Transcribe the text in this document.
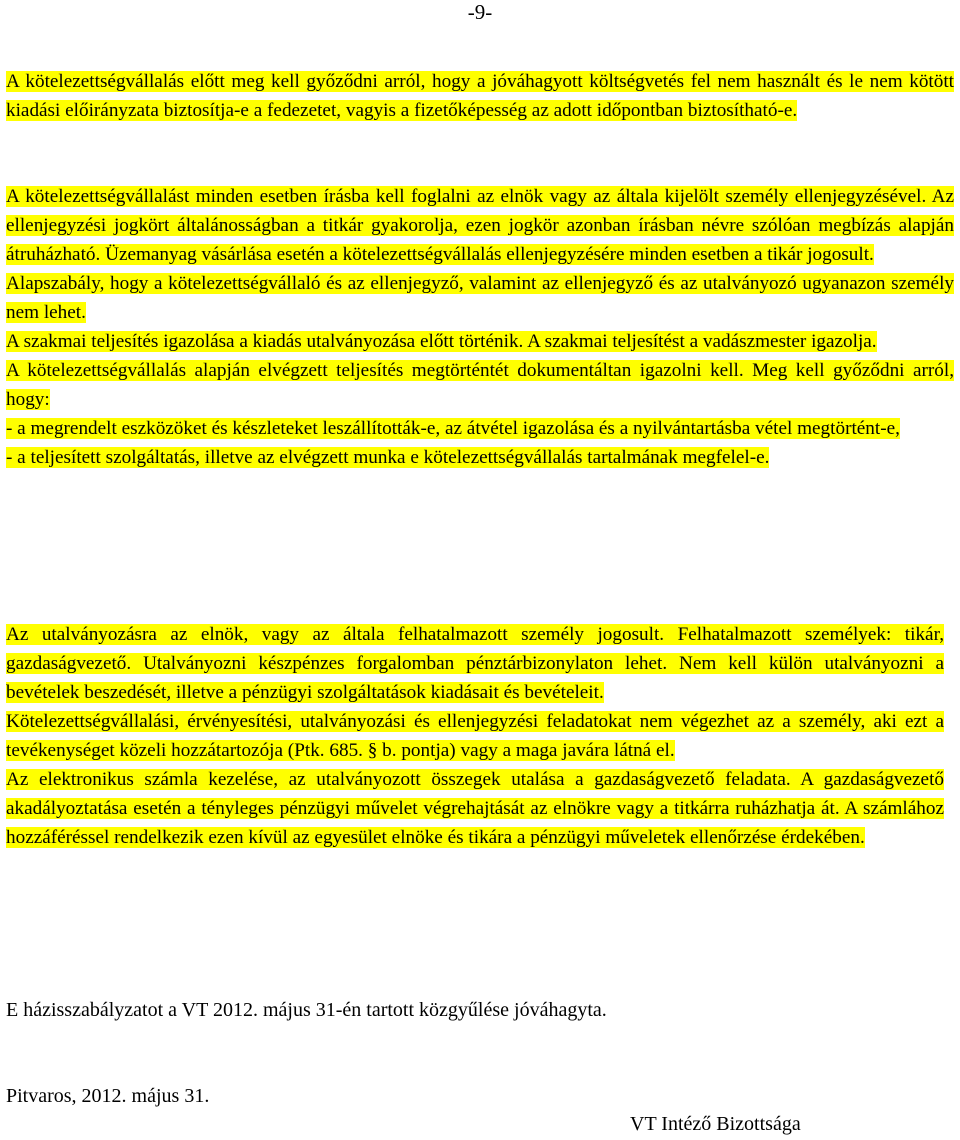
-9-

A kötelezettségvállalás előtt meg kell győződni arról, hogy a jóváhagyott költségvetés fel nem használt és le nem kötött kiadási előirányzata biztosítja-e a fedezetet, vagyis a fizetőképesség az adott időpontban biztosítható-e.

A kötelezettségvállalást minden esetben írásba kell foglalni az elnök vagy az általa kijelölt személy ellenjegyzésével. Az ellenjegyzési jogkört általánosságban a titkár gyakorolja, ezen jogkör azonban írásban névre szólóan megbízás alapján átruházható. Üzemanyag vásárlása esetén a kötelezettségvállalás ellenjegyzésére minden esetben a tikár jogosult.
Alapszabály, hogy a kötelezettségvállaló és az ellenjegyző, valamint az ellenjegyző és az utalványozó ugyanazon személy nem lehet.
A szakmai teljesítés igazolása a kiadás utalványozása előtt történik. A szakmai teljesítést a vadászmester igazolja.
A kötelezettségvállalás alapján elvégzett teljesítés megtörténtét dokumentáltan igazolni kell. Meg kell győződni arról, hogy:
- a megrendelt eszközöket és készleteket leszállították-e, az átvétel igazolása és a nyilvántartásba vétel megtörtént-e,
- a teljesített szolgáltatás, illetve az elvégzett munka e kötelezettségvállalás tartalmának megfelel-e.

Az utalványozásra az elnök, vagy az általa felhatalmazott személy jogosult. Felhatalmazott személyek: tikár, gazdaságvezető. Utalványozni készpénzes forgalomban pénztárbizonylaton lehet. Nem kell külön utalványozni a bevételek beszedését, illetve a pénzügyi szolgáltatások kiadásait és bevételeit.
Kötelezettségvállalási, érvényesítési, utalványozási és ellenjegyzési feladatokat nem végezhet az a személy, aki ezt a tevékenységet közeli hozzátartozója (Ptk. 685. § b. pontja) vagy a maga javára látná el.
Az elektronikus számla kezelése, az utalványozott összegek utalása a gazdaságvezető feladata. A gazdaságvezető akadályoztatása esetén a tényleges pénzügyi művelet végrehajtását az elnökre vagy a titkárra ruházhatja át. A számlához hozzáféréssel rendelkezik ezen kívül az egyesület elnöke és tikára a pénzügyi műveletek ellenőrzése érdekében.

E házisszabályzatot a VT 2012. május 31-én tartott közgyűlése jóváhagyta.

Pitvaros, 2012. május 31.

VT Intéző Bizottsága
